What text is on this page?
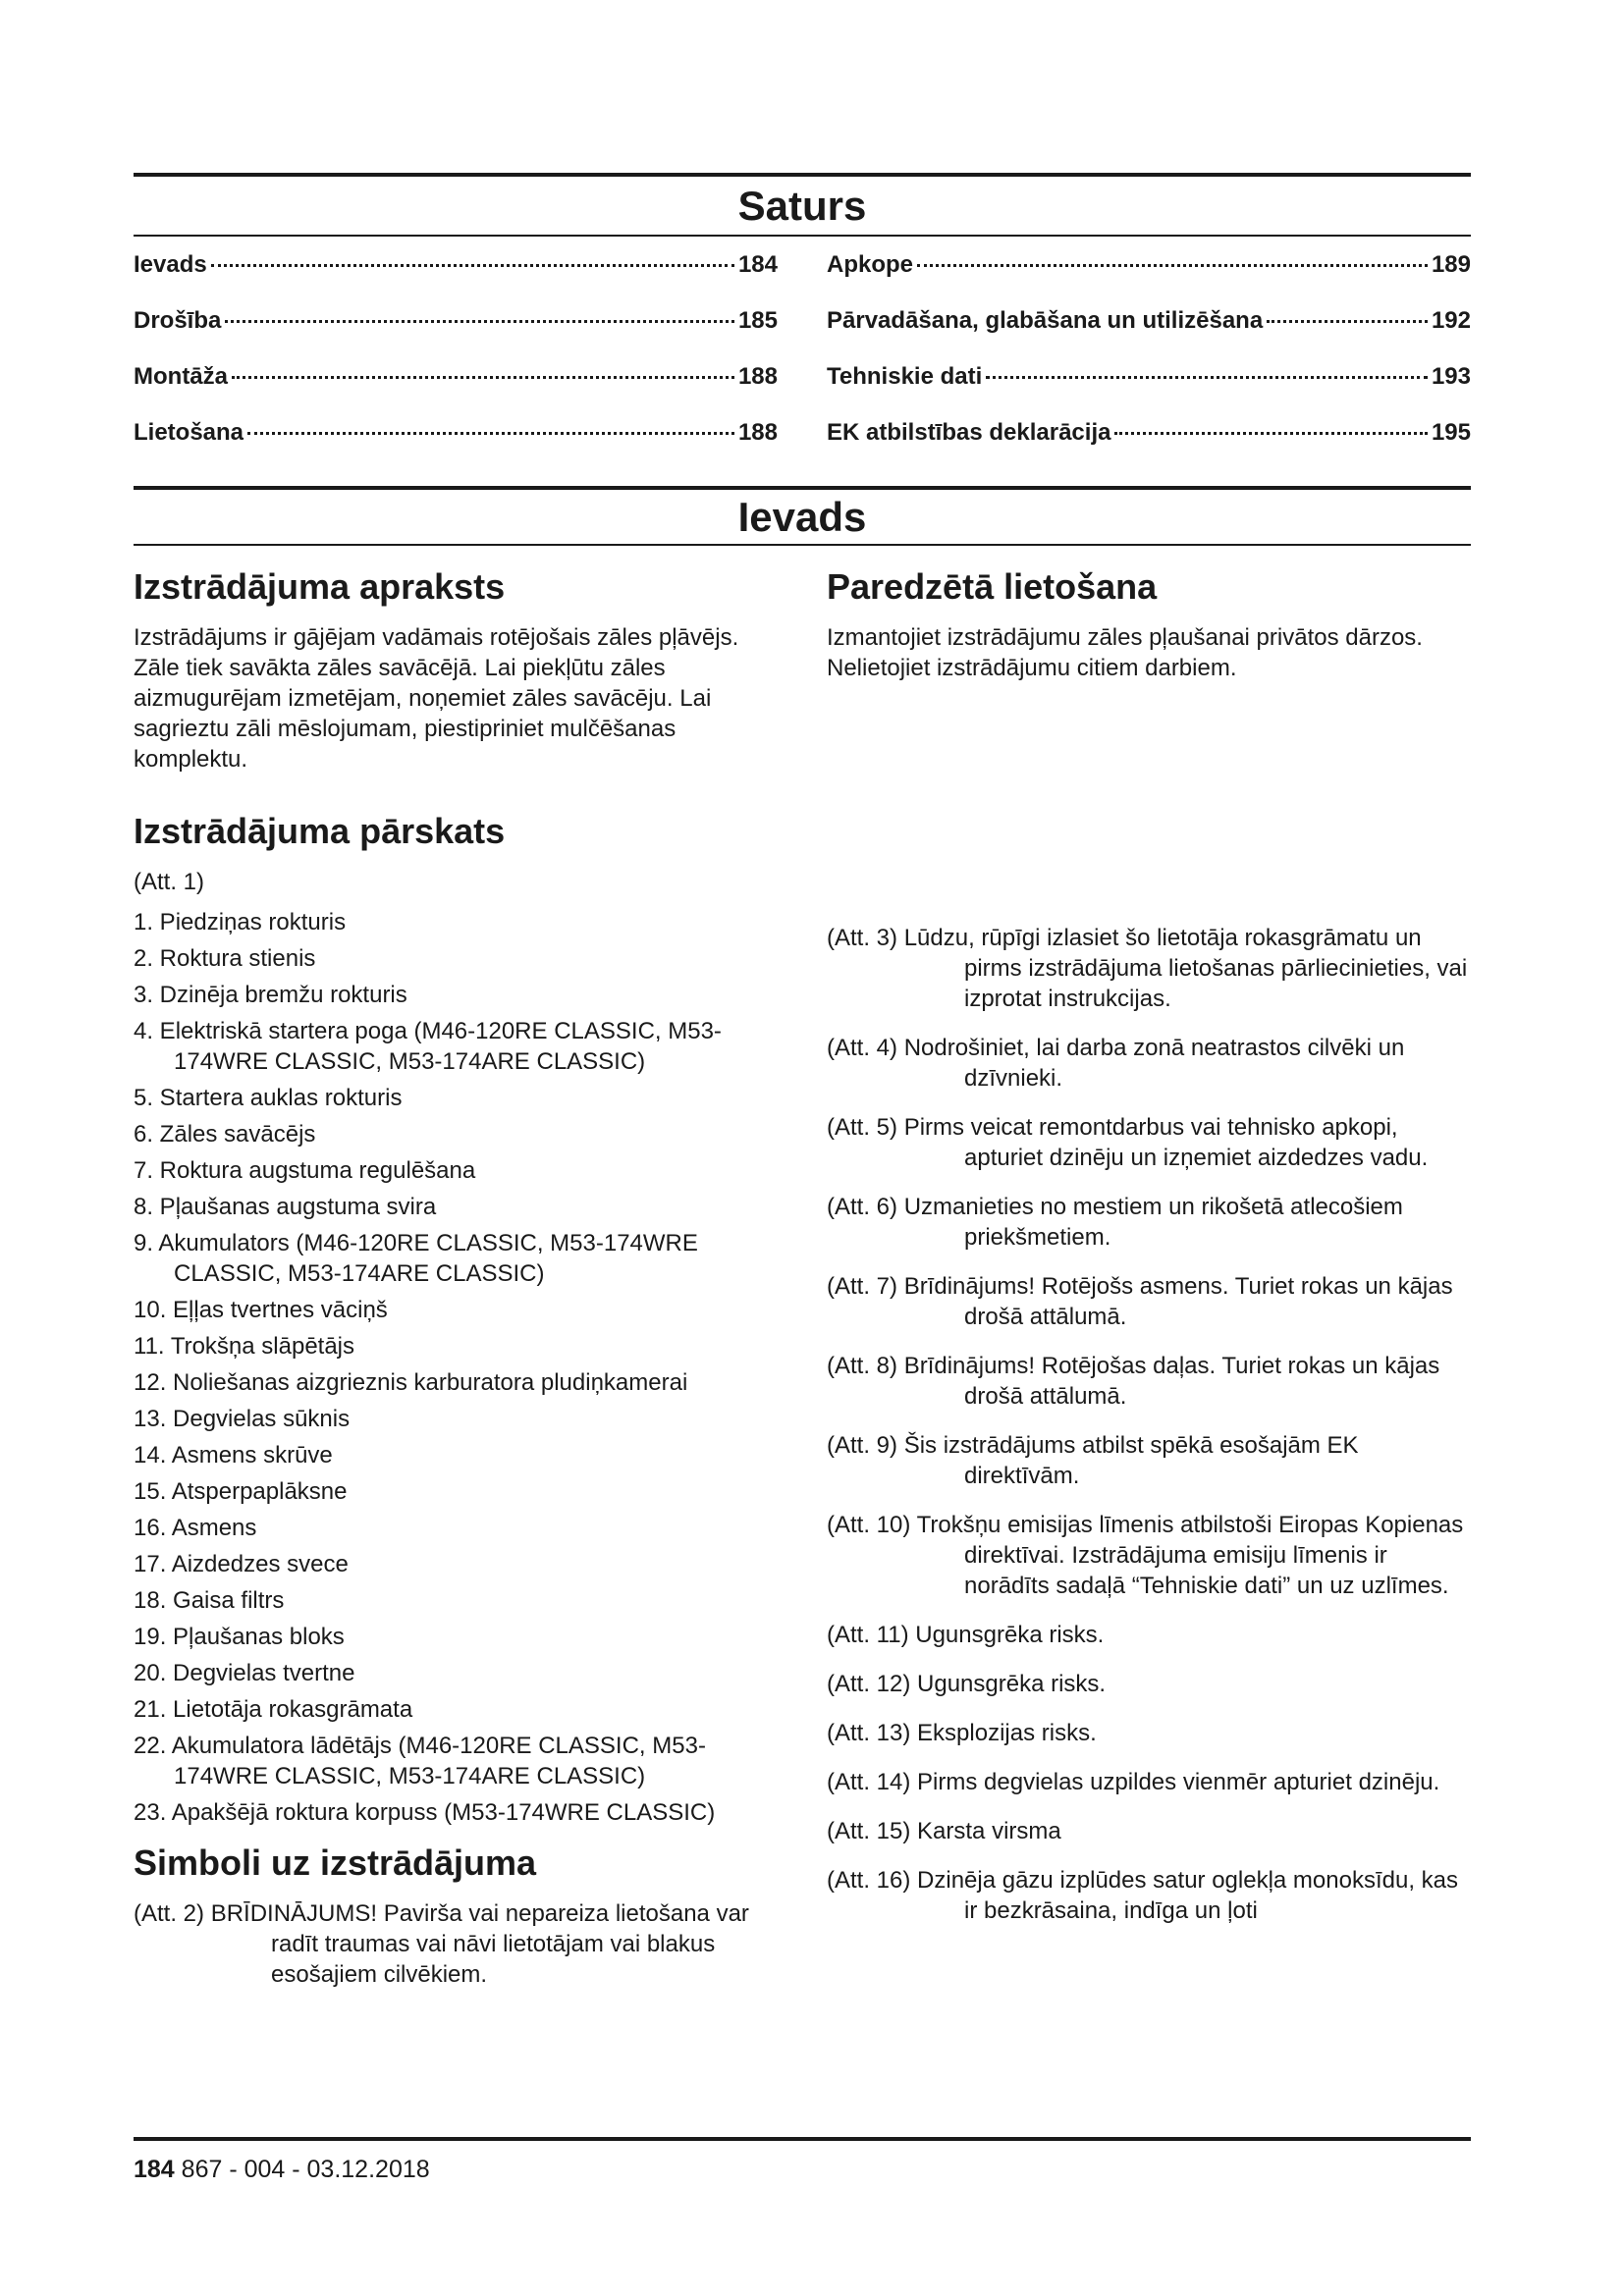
Saturs
Ievads	184 Apkope	189
Drošība	185 Pārvadāšana, glabāšana un utilizēšana	192
Montāža	188 Tehniskie dati	193
Lietošana	188 EK atbilstības deklarācija	195
Ievads
Izstrādājuma apraksts

Izstrādājums ir gājējam vadāmais rotējošais zāles pļāvējs. Zāle tiek savākta zāles savācējā. Lai piekļūtu zāles aizmugurējam izmetējam, noņemiet zāles savācēju. Lai sagrieztu zāli mēslojumam, piestipriniet mulčēšanas komplektu.

Izstrādājuma pārskats
(Att. 1)
1. Piedziņas rokturis
2. Roktura stienis
3. Dzinēja bremžu rokturis
4. Elektriskā startera poga (M46-120RE CLASSIC, M53-174WRE CLASSIC, M53-174ARE CLASSIC)
5. Startera auklas rokturis
6. Zāles savācējs
7. Roktura augstuma regulēšana
8. Pļaušanas augstuma svira
9. Akumulators (M46-120RE CLASSIC, M53-174WRE CLASSIC, M53-174ARE CLASSIC)
10. Eļļas tvertnes vāciņš
11. Trokšņa slāpētājs
12. Noliešanas aizgrieznis karburatora pludiņkamerai
13. Degvielas sūknis
14. Asmens skrūve
15. Atsperpaplāksne
16. Asmens
17. Aizdedzes svece
18. Gaisa filtrs
19. Pļaušanas bloks
20. Degvielas tvertne
21. Lietotāja rokasgrāmata
22. Akumulatora lādētājs (M46-120RE CLASSIC, M53-174WRE CLASSIC, M53-174ARE CLASSIC)
23. Apakšējā roktura korpuss (M53-174WRE CLASSIC)
Simboli uz izstrādājuma
(Att. 2) BRĪDINĀJUMS! Pavirša vai nepareiza lietošana var radīt traumas vai nāvi lietotājam vai blakus esošajiem cilvēkiem.
Paredzētā lietošana

Izmantojiet izstrādājumu zāles pļaušanai privātos dārzos. Nelietojiet izstrādājumu citiem darbiem.

(Att. 3) Lūdzu, rūpīgi izlasiet šo lietotāja rokasgrāmatu un pirms izstrādājuma lietošanas pārliecinieties, vai izprotat instrukcijas.
(Att. 4) Nodrošiniet, lai darba zonā neatrastos cilvēki un dzīvnieki.
(Att. 5) Pirms veicat remontdarbus vai tehnisko apkopi, apturiet dzinēju un izņemiet aizdedzes vadu.
(Att. 6) Uzmanieties no mestiem un rikošetā atlecošiem priekšmetiem.
(Att. 7) Brīdinājums! Rotējošs asmens. Turiet rokas un kājas drošā attālumā.
(Att. 8) Brīdinājums! Rotējošas daļas. Turiet rokas un kājas drošā attālumā.
(Att. 9) Šis izstrādājums atbilst spēkā esošajām EK direktīvām.
(Att. 10) Trokšņu emisijas līmenis atbilstoši Eiropas Kopienas direktīvai. Izstrādājuma emisiju līmenis ir norādīts sadaļā “Tehniskie dati” un uz uzlīmes.
(Att. 11) Ugunsgrēka risks.
(Att. 12) Ugunsgrēka risks.
(Att. 13) Eksplozijas risks.
(Att. 14) Pirms degvielas uzpildes vienmēr apturiet dzinēju.
(Att. 15) Karsta virsma
(Att. 16) Dzinēja gāzu izplūdes satur oglekļa monoksīdu, kas ir bezkrāsaina, indīga un ļoti
184 867 - 004 - 03.12.2018
